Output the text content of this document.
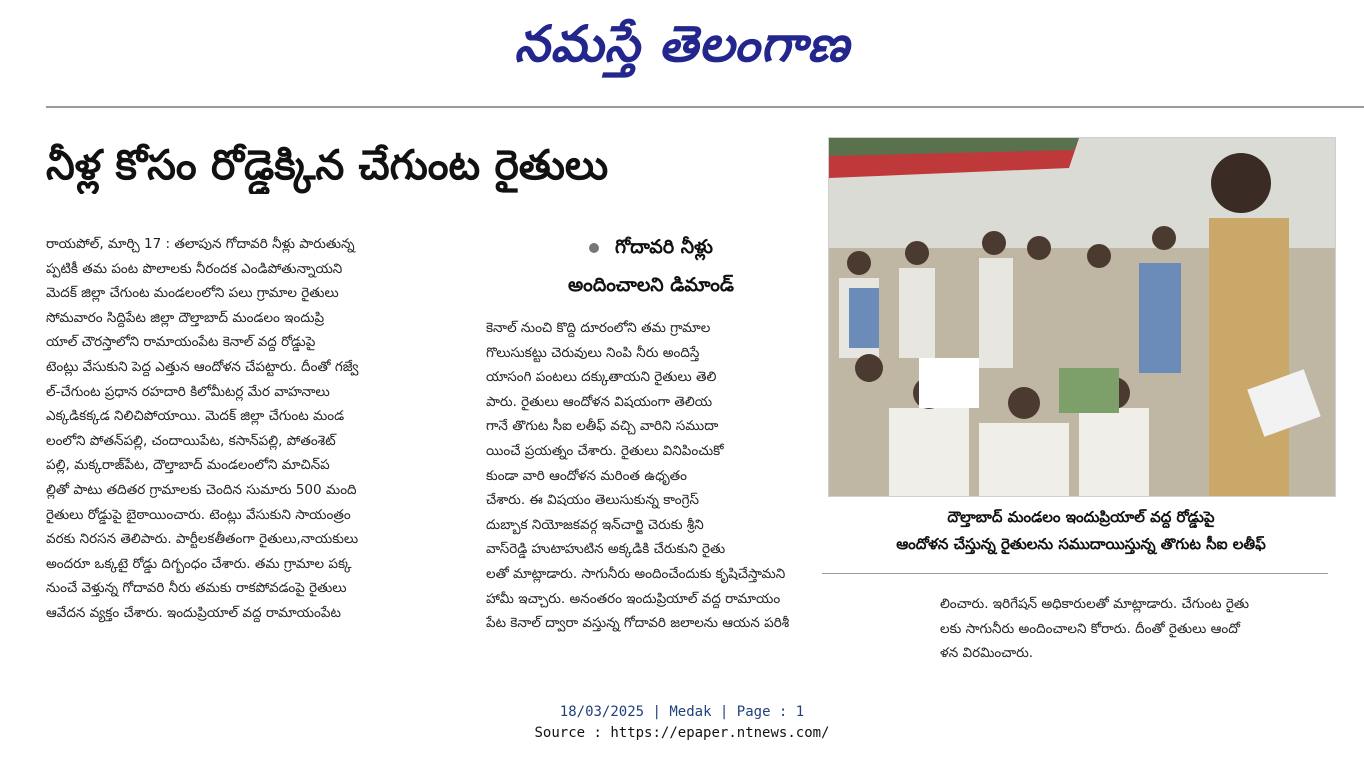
నమస్తే తెలంగాణ
నీళ్ల కోసం రోడ్డెక్కిన చేగుంట రైతులు

రాయపోల్, మార్చి 17 : తలాపున గోదావరి నీళ్లు పారుతున్న

ప్పటికీ తమ పంట పొలాలకు నీరందక ఎండిపోతున్నాయని

మెదక్ జిల్లా చేగుంట మండలంలోని పలు గ్రామాల రైతులు

సోమవారం సిద్దిపేట జిల్లా దౌల్తాబాద్ మండలం ఇందుప్రి

యాల్ చౌరస్తాలోని రామాయంపేట కెనాల్ వద్ద రోడ్డుపై

టెంట్లు వేసుకుని పెద్ద ఎత్తున ఆందోళన చేపట్టారు. దీంతో గజ్వే

ల్-చేగుంట ప్రధాన రహదారి కిలోమీటర్ల మేర వాహనాలు

ఎక్కడికక్కడ నిలిచిపోయాయి. మెదక్ జిల్లా చేగుంట మండ

లంలోని పోతన్‌పల్లి, చందాయిపేట, కసాన్‌పల్లి, పోతంశెట్

పల్లి, మక్కరాజ్‌పేట, దౌల్తాబాద్ మండలంలోని మాచిన్‌ప

ల్లితో పాటు తదితర గ్రామాలకు చెందిన సుమారు 500 మంది

రైతులు రోడ్డుపై బైఠాయించారు. టెంట్లు వేసుకుని సాయంత్రం

వరకు నిరసన తెలిపారు. పార్టీలకతీతంగా రైతులు,నాయకులు

అందరూ ఒక్కటై రోడ్డు దిగ్బంధం చేశారు. తమ గ్రామాల పక్క

నుంచే వెళ్తున్న గోదావరి నీరు తమకు రాకపోవడంపై రైతులు

ఆవేదన వ్యక్తం చేశారు. ఇందుప్రియాల్ వద్ద రామాయంపేట

గోదావరి నీళ్లు
అందించాలని డిమాండ్

కెనాల్ నుంచి కొద్ది దూరంలోని తమ గ్రామాల

గొలుసుకట్టు చెరువులు నింపి నీరు అందిస్తే

యాసంగి పంటలు దక్కుతాయని రైతులు తెలి

పారు. రైతులు ఆందోళన విషయంగా తెలియ

గానే తొగుట సీఐ లతీఫ్ వచ్చి వారిని సముదా

యించే ప్రయత్నం చేశారు. రైతులు వినిపించుకో

కుండా వారి ఆందోళన మరింత ఉధృతం

చేశారు. ఈ విషయం తెలుసుకున్న కాంగ్రెస్

దుబ్బాక నియోజకవర్గ ఇన్‌చార్జి చెరుకు శ్రీని

వాస్‌రెడ్డి హుటాహుటిన అక్కడికి చేరుకుని రైతు

లతో మాట్లాడారు. సాగునీరు అందించేందుకు కృషిచేస్తామని

హామీ ఇచ్చారు. అనంతరం ఇందుప్రియాల్ వద్ద రామాయం

పేట కెనాల్ ద్వారా వస్తున్న గోదావరి జలాలను ఆయన పరిశీ

లించారు. ఇరిగేషన్ అధికారులతో మాట్లాడారు. చేగుంట రైతు

లకు సాగునీరు అందించాలని కోరారు. దీంతో రైతులు ఆందో

ళన విరమించారు.

దౌల్తాబాద్ మండలం ఇందుప్రియాల్ వద్ద రోడ్డుపై

ఆందోళన చేస్తున్న రైతులను సముదాయిస్తున్న తొగుట సీఐ లతీఫ్

18/03/2025 | Medak | Page : 1

Source : https://epaper.ntnews.com/
